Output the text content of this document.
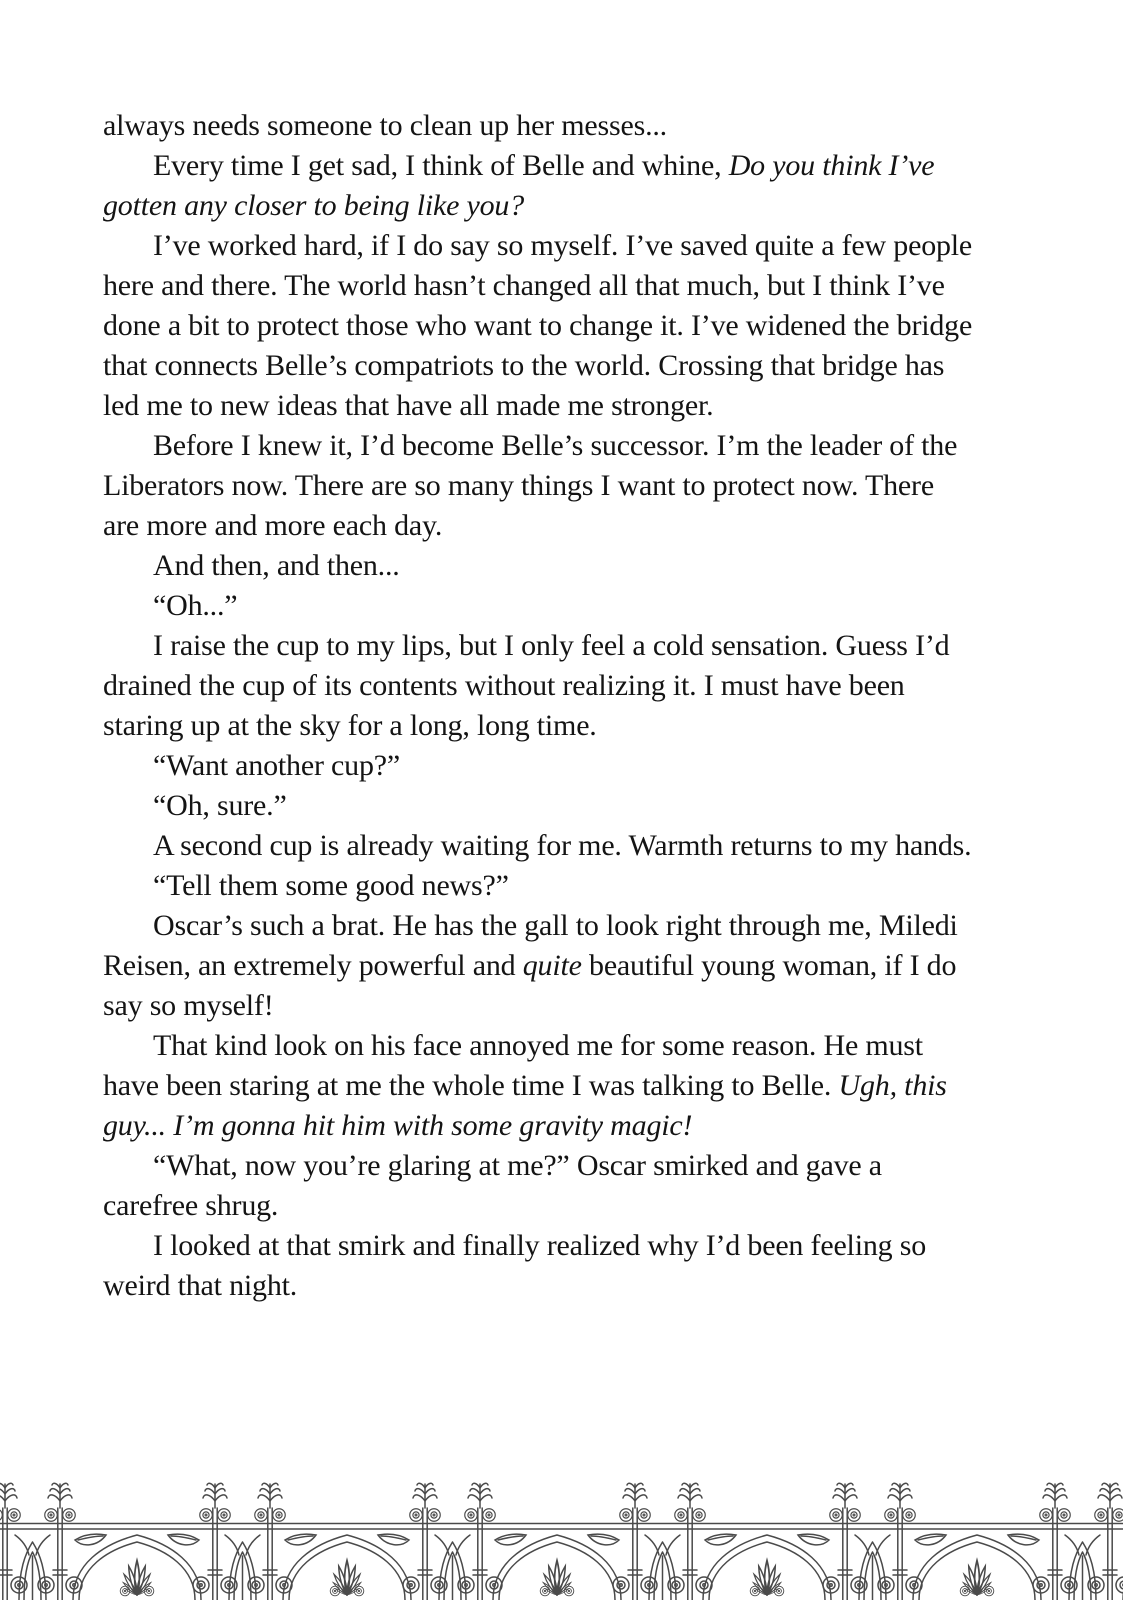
always needs someone to clean up her messes...

Every time I get sad, I think of Belle and whine, Do you think I’ve gotten any closer to being like you?

I’ve worked hard, if I do say so myself. I’ve saved quite a few people here and there. The world hasn’t changed all that much, but I think I’ve done a bit to protect those who want to change it. I’ve widened the bridge that connects Belle’s compatriots to the world. Crossing that bridge has led me to new ideas that have all made me stronger.

Before I knew it, I’d become Belle’s successor. I’m the leader of the Liberators now. There are so many things I want to protect now. There are more and more each day.

And then, and then...

“Oh...”

I raise the cup to my lips, but I only feel a cold sensation. Guess I’d drained the cup of its contents without realizing it. I must have been staring up at the sky for a long, long time.

“Want another cup?”

“Oh, sure.”

A second cup is already waiting for me. Warmth returns to my hands.

“Tell them some good news?”

Oscar’s such a brat. He has the gall to look right through me, Miledi Reisen, an extremely powerful and quite beautiful young woman, if I do say so myself!

That kind look on his face annoyed me for some reason. He must have been staring at me the whole time I was talking to Belle. Ugh, this guy... I’m gonna hit him with some gravity magic!

“What, now you’re glaring at me?” Oscar smirked and gave a carefree shrug.

I looked at that smirk and finally realized why I’d been feeling so weird that night.
